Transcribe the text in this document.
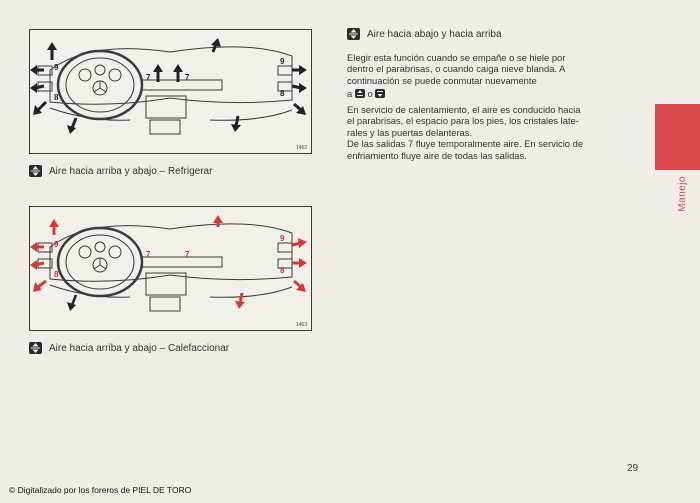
9
8
7	7
9
8
1462
Aire hacia arriba y abajo – Refrigerar
9
8
7	7
9
8
1463
Aire hacia arriba y abajo – Calefaccionar
Aire hacia abajo y hacia arriba

Elegir esta función cuando se empañe o se hiele por

dentro el parabrisas, o cuando caiga nieve blanda. A

continuación se puede conmutar nuevamente

a o

En servicio de calentamiento, el aire es conducido hacia

el parabrisas, el espacio para los pies, los cristales late-

rales y las puertas delanteras.

De las salidas 7 fluye temporalmente aire. En servicio de

enfriamiento fluye aire de todas las salidas.

Manejo
29
© Digitalizado por los foreros de PIEL DE TORO
